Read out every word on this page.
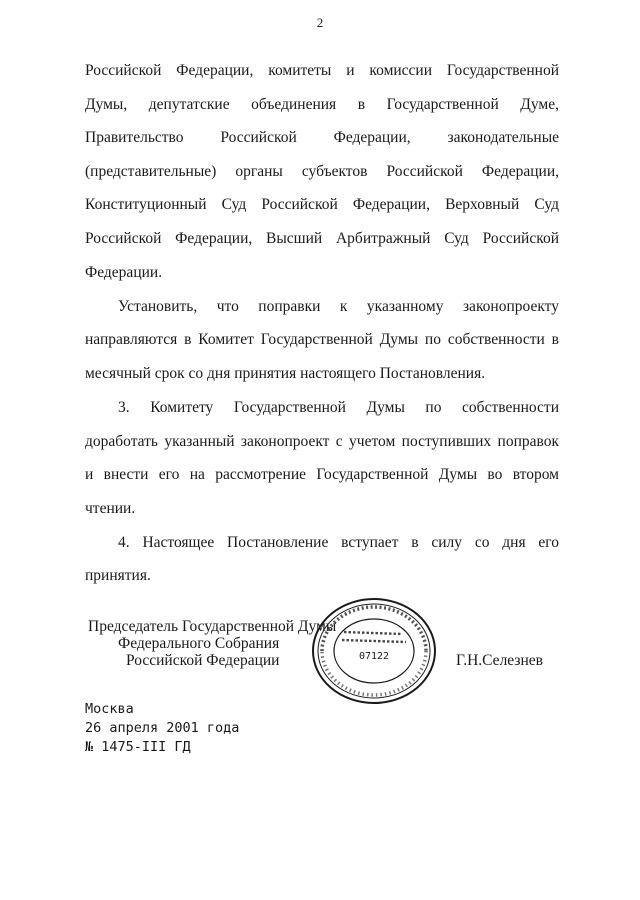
2
Российской Федерации, комитеты и комиссии Государственной
Думы, депутатские объединения в Государственной Думе,
Правительство Российской Федерации, законодательные
(представительные) органы субъектов Российской Федерации,
Конституционный Суд Российской Федерации, Верховный Суд
Российской Федерации, Высший Арбитражный Суд Российской
Федерации.
Установить, что поправки к указанному законопроекту
направляются в Комитет Государственной Думы по собственности в
месячный срок со дня принятия настоящего Постановления.
3. Комитету Государственной Думы по собственности
доработать указанный законопроект с учетом поступивших поправок
и внести его на рассмотрение Государственной Думы во втором
чтении.
4. Настоящее Постановление вступает в силу со дня его
принятия.
Председатель Государственной Думы
Федерального Собрания
Российской Федерации	Г.Н.Селезнев
07122
Москва
26 апреля 2001 года
№ 1475-III ГД
